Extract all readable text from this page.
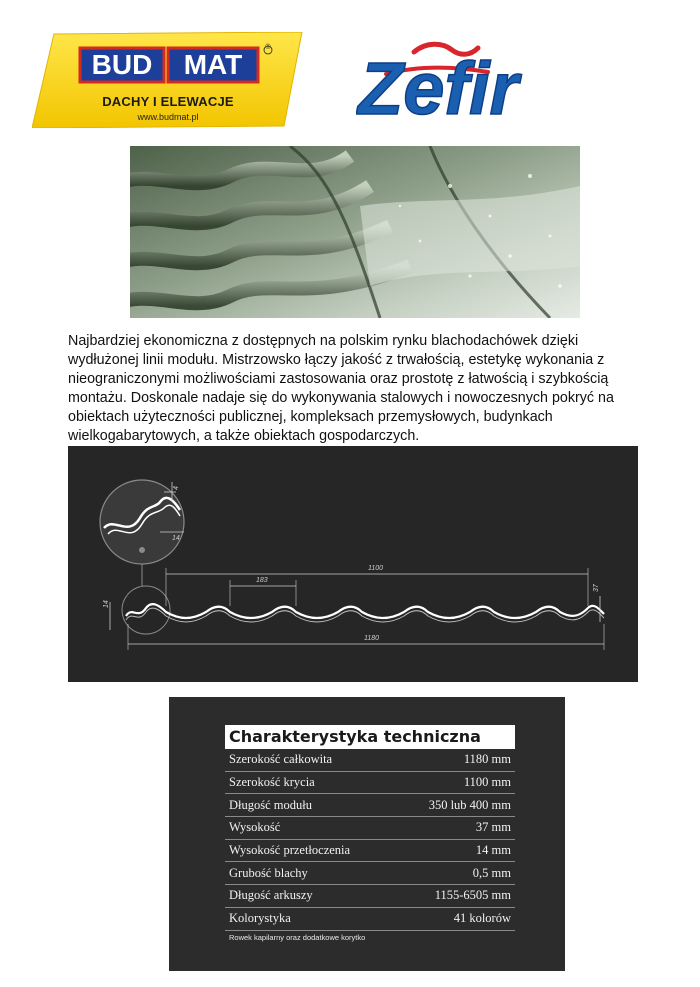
BUD	MAT
®
DACHY I ELEWACJE
www.budmat.pl	Zefir

Najbardziej ekonomiczna z dostępnych na polskim rynku blachodachówek dzięki wydłużonej linii modułu. Mistrzowsko łączy jakość z trwałością, estetykę wykonania z nieograniczonymi możliwościami zastosowania oraz prostotę z łatwością i szybkością montażu. Doskonale nadaje się do wykonywania stalowych i nowoczesnych pokryć na obiektach użyteczności publicznej, kompleksach przemysłowych, budynkach wielkogabarytowych, a także obiektach gospodarczych.

4
14
1100
183
1180
14
37
Charakterystyka techniczna
Szerokość całkowita	1180 mm
Szerokość krycia	1100 mm
Długość modułu	350 lub 400 mm
Wysokość	37 mm
Wysokość przetłoczenia	14 mm
Grubość blachy	0,5 mm
Długość arkuszy	1155-6505 mm
Kolorystyka	41 kolorów
Rowek kapilarny oraz dodatkowe korytko
